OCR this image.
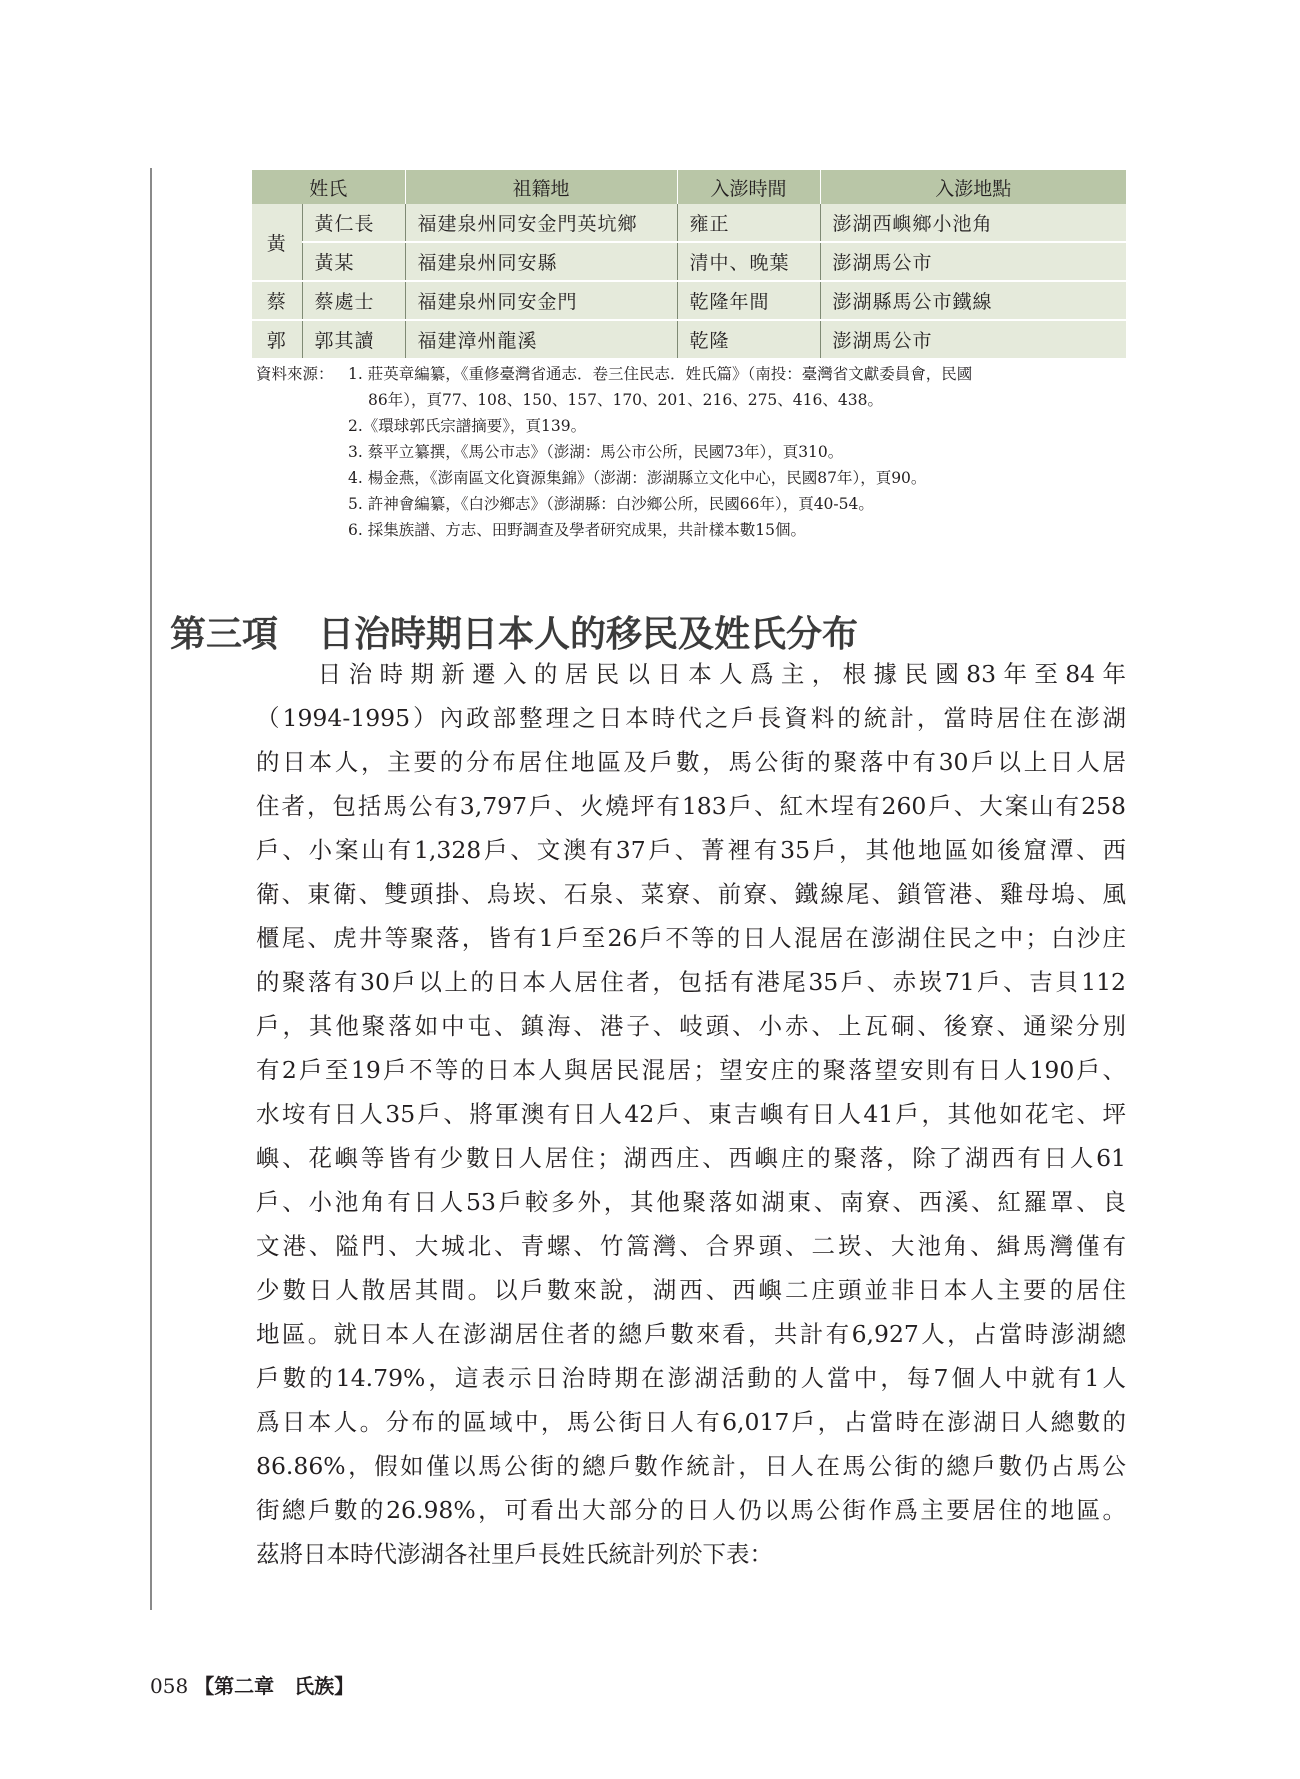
姓氏		祖籍地	入澎時間	入澎地點
黃	黃仁長	福建泉州同安金門英坑鄉	雍正	澎湖西嶼鄉小池角
	黃某	福建泉州同安縣	清中、晚葉	澎湖馬公市
蔡	蔡處士	福建泉州同安金門	乾隆年間	澎湖縣馬公市鐵線
郭	郭其讀	福建漳州龍溪	乾隆	澎湖馬公市
資料來源： 1. 莊英章編纂，《重修臺灣省通志．卷三住民志．姓氏篇》（南投：臺灣省文獻委員會，民國
86年），頁77、108、150、157、170、201、216、275、416、438。
2.《環球郭氏宗譜摘要》，頁139。
3. 蔡平立纂撰，《馬公市志》（澎湖：馬公市公所，民國73年），頁310。
4. 楊金燕，《澎南區文化資源集錦》（澎湖：澎湖縣立文化中心，民國87年），頁90。
5. 許神會編纂，《白沙鄉志》（澎湖縣：白沙鄉公所，民國66年），頁40-54。
6. 採集族譜、方志、田野調查及學者研究成果，共計樣本數15個。
第三項 日治時期日本人的移民及姓氏分布
　　日治時期新遷入的居民以日本人爲主，根據民國83年至84年
（1994-1995）內政部整理之日本時代之戶長資料的統計，當時居住在澎湖
的日本人，主要的分布居住地區及戶數，馬公街的聚落中有30戶以上日人居
住者，包括馬公有3,797戶、火燒坪有183戶、紅木埕有260戶、大案山有258
戶、小案山有1,328戶、文澳有37戶、菁裡有35戶，其他地區如後窟潭、西
衛、東衛、雙頭掛、烏崁、石泉、菜寮、前寮、鐵線尾、鎖管港、雞母塢、風
櫃尾、虎井等聚落，皆有1戶至26戶不等的日人混居在澎湖住民之中；白沙庄
的聚落有30戶以上的日本人居住者，包括有港尾35戶、赤崁71戶、吉貝112
戶，其他聚落如中屯、鎮海、港子、岐頭、小赤、上瓦硐、後寮、通梁分別
有2戶至19戶不等的日本人與居民混居；望安庄的聚落望安則有日人190戶、
水垵有日人35戶、將軍澳有日人42戶、東吉嶼有日人41戶，其他如花宅、坪
嶼、花嶼等皆有少數日人居住；湖西庄、西嶼庄的聚落，除了湖西有日人61
戶、小池角有日人53戶較多外，其他聚落如湖東、南寮、西溪、紅羅罩、良
文港、隘門、大城北、青螺、竹篙灣、合界頭、二崁、大池角、緝馬灣僅有
少數日人散居其間。以戶數來說，湖西、西嶼二庄頭並非日本人主要的居住
地區。就日本人在澎湖居住者的總戶數來看，共計有6,927人，占當時澎湖總
戶數的14.79%，這表示日治時期在澎湖活動的人當中，每7個人中就有1人
爲日本人。分布的區域中，馬公街日人有6,017戶，占當時在澎湖日人總數的
86.86%，假如僅以馬公街的總戶數作統計，日人在馬公街的總戶數仍占馬公
街總戶數的26.98%，可看出大部分的日人仍以馬公街作爲主要居住的地區。
茲將日本時代澎湖各社里戶長姓氏統計列於下表：
058 【第二章　氏族】
